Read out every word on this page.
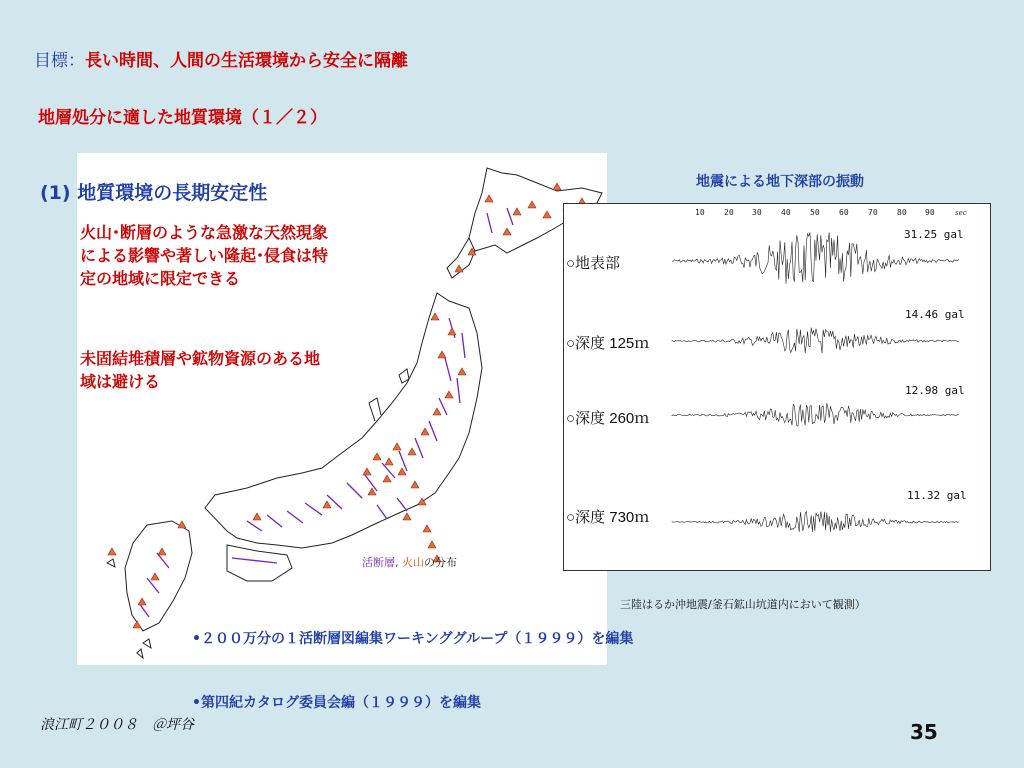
目標：長い時間、人間の生活環境から安全に隔離
地層処分に適した地質環境（１／２）
(1) 地質環境の長期安定性
火山･断層のような急激な天然現象による影響や著しい隆起･侵食は特定の地域に限定できる
未固結堆積層や鉱物資源のある地域は避ける
活断層, 火山の分布
地震による地下深部の振動
10 20 30 40 50 60 70 80 90	sec
31.25 gal
14.46 gal
12.98 gal
11.32 gal
○地表部
○深度 125ｍ
○深度 260ｍ
○深度 730ｍ
三陸はるか沖地震/釜石鉱山坑道内において観測）
•２００万分の１活断層図編集ワーキンググループ（１９９９）を編集
•第四紀カタログ委員会編（１９９９）を編集
浪江町２００８　＠坪谷	35
